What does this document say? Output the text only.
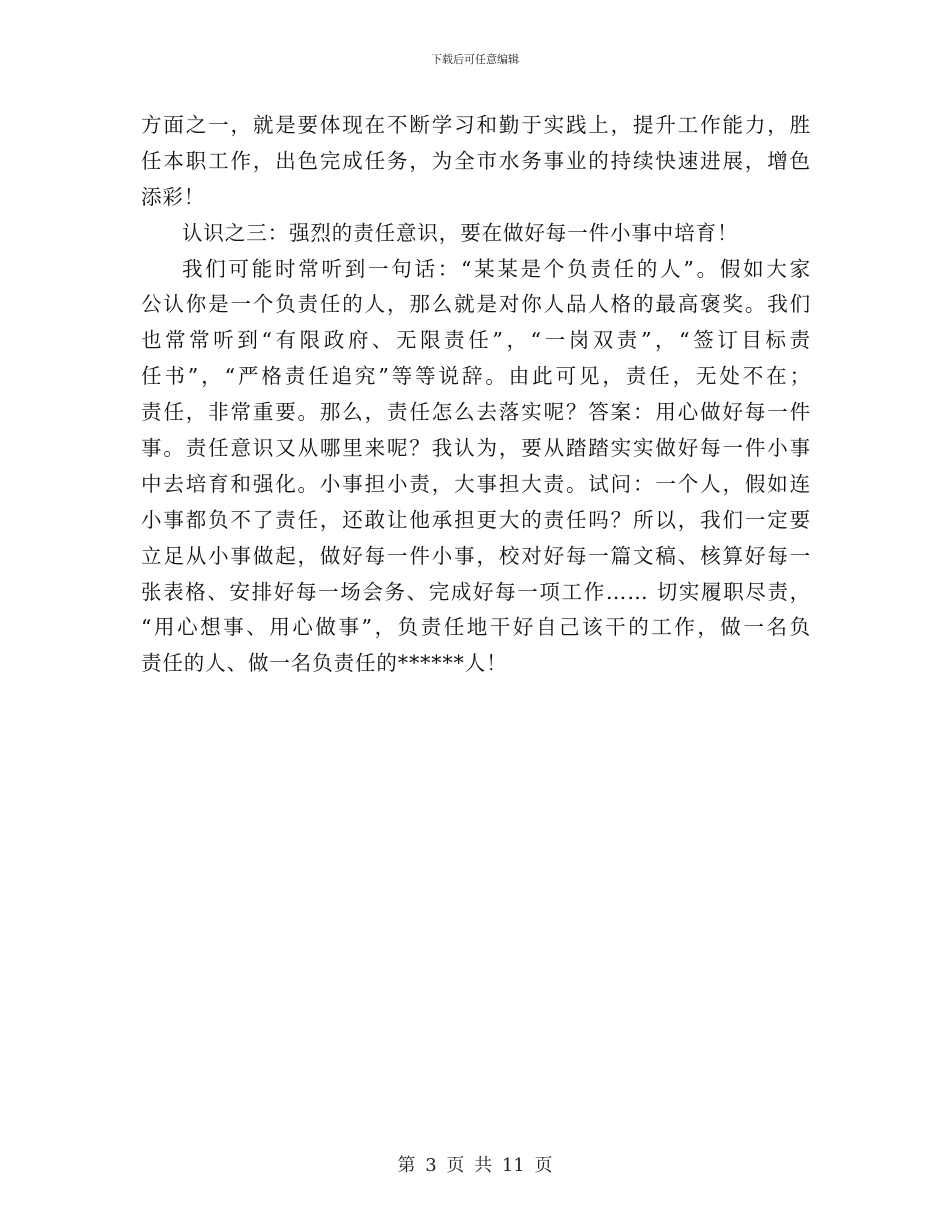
下载后可任意编辑
方面之一，就是要体现在不断学习和勤于实践上，提升工作能力，胜
任本职工作，出色完成任务，为全市水务事业的持续快速进展，增色
添彩！
认识之三：强烈的责任意识，要在做好每一件小事中培育！
我们可能时常听到一句话：“某某是个负责任的人”。假如大家
公认你是一个负责任的人，那么就是对你人品人格的最高褒奖。我们
也常常听到“有限政府、无限责任”，“一岗双责”，“签订目标责
任书”，“严格责任追究”等等说辞。由此可见，责任，无处不在；
责任，非常重要。那么，责任怎么去落实呢？答案：用心做好每一件
事。责任意识又从哪里来呢？我认为，要从踏踏实实做好每一件小事
中去培育和强化。小事担小责，大事担大责。试问：一个人，假如连
小事都负不了责任，还敢让他承担更大的责任吗？所以，我们一定要
立足从小事做起，做好每一件小事，校对好每一篇文稿、核算好每一
张表格、安排好每一场会务、完成好每一项工作…… 切实履职尽责，
“用心想事、用心做事”，负责任地干好自己该干的工作，做一名负
责任的人、做一名负责任的******人！
第 3 页 共 11 页
